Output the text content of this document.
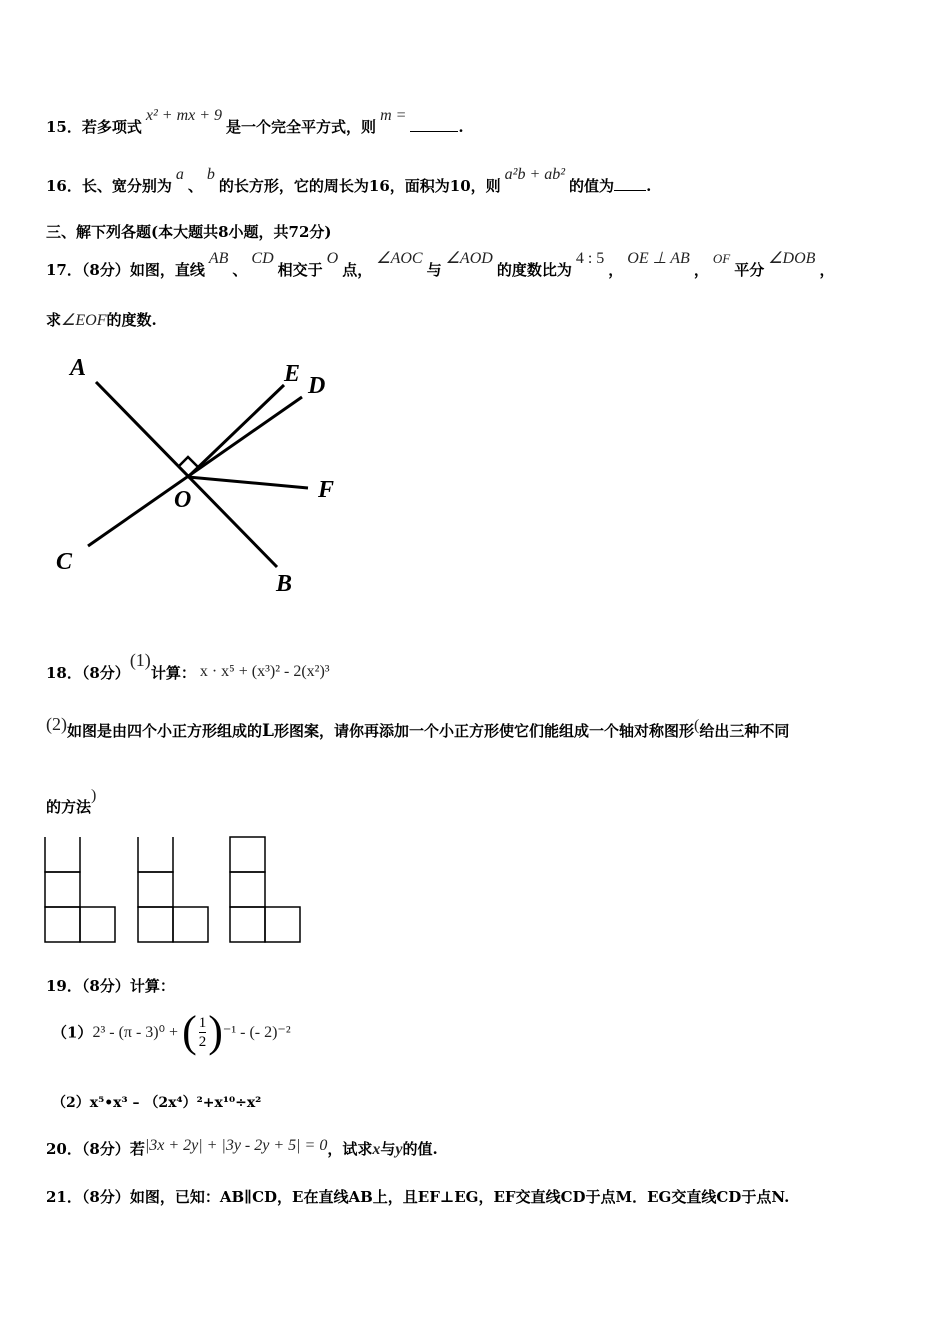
15．若多项式x² + mx + 9是一个完全平方式，则m =.
16．长、宽分别为a、b的长方形，它的周长为16，面积为10，则a²b + ab²的值为 .
三、解下列各题(本大题共8小题，共72分)
17．（8分）如图，直线AB、CD相交于O点，∠AOC与∠AOD的度数比为4 : 5，OE ⊥ AB，OF平分∠DOB，
求∠EOF的度数.
A	E D
F
O
C
B
18．（8分）(1)计算： x · x⁵ + (x³)² - 2(x²)³
(2)如图是由四个小正方形组成的L形图案，请你再添加一个小正方形使它们能组成一个轴对称图形(给出三种不同
的方法)
19．（8分）计算：
（1）2³ - (π - 3)⁰ + ( $\frac{1}{2} )^{-1}$ - (- 2)⁻²
（2）x⁵•x³ – （2x⁴）²+x¹⁰÷x²
20．（8分）若|3x + 2y| + |3y - 2y + 5| = 0，试求x与y的值.
21．（8分）如图，已知：AB∥CD，E在直线AB上，且EF⊥EG，EF交直线CD于点M．EG交直线CD于点N.
